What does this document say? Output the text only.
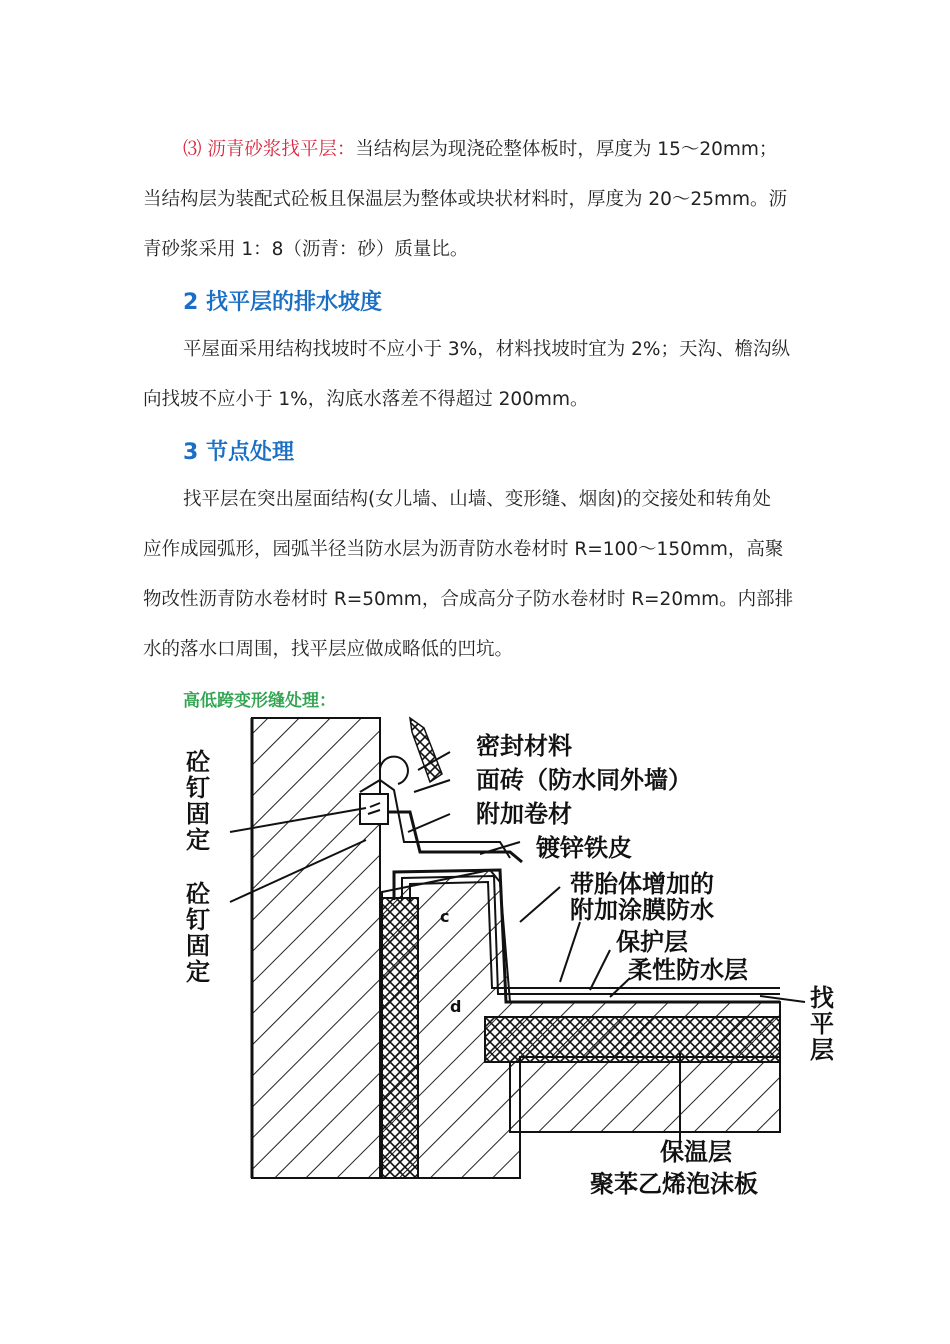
⑶ 沥青砂浆找平层：当结构层为现浇砼整体板时，厚度为 15～20mm；
当结构层为装配式砼板且保温层为整体或块状材料时，厚度为 20～25mm。沥
青砂浆采用 1：8（沥青：砂）质量比。
2 找平层的排水坡度
平屋面采用结构找坡时不应小于 3%，材料找坡时宜为 2%；天沟、檐沟纵
向找坡不应小于 1%，沟底水落差不得超过 200mm。
3 节点处理
找平层在突出屋面结构(女儿墙、山墙、变形缝、烟囱)的交接处和转角处
应作成园弧形，园弧半径当防水层为沥青防水卷材时 R=100～150mm，高聚
物改性沥青防水卷材时 R=50mm，合成高分子防水卷材时 R=20mm。内部排
水的落水口周围，找平层应做成略低的凹坑。
高低跨变形缝处理：
c
d
密封材料
面砖（防水同外墙）
附加卷材
镀锌铁皮
带胎体增加的
附加涂膜防水
保护层
柔性防水层
找平层
砼钉固定
砼钉固定
保温层
聚苯乙烯泡沫板
